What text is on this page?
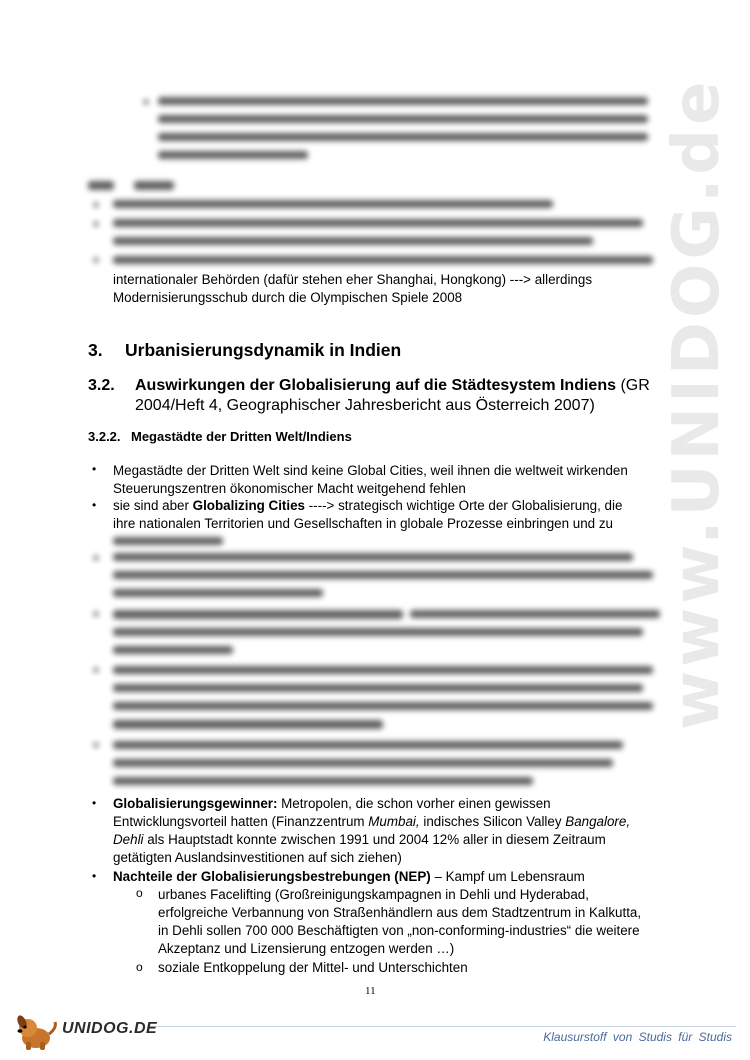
www.UNIDOG.de
internationaler Behörden (dafür stehen eher Shanghai, Hongkong) ---> allerdings
Modernisierungsschub durch die Olympischen Spiele 2008
3. Urbanisierungsdynamik in Indien
3.2. Auswirkungen der Globalisierung auf die Städtesystem Indiens (GR
2004/Heft 4, Geographischer Jahresbericht aus Österreich 2007)
3.2.2. Megastädte der Dritten Welt/Indiens
• Megastädte der Dritten Welt sind keine Global Cities, weil ihnen die weltweit wirkenden
Steuerungszentren ökonomischer Macht weitgehend fehlen
• sie sind aber Globalizing Cities ----> strategisch wichtige Orte der Globalisierung, die
ihre nationalen Territorien und Gesellschaften in globale Prozesse einbringen und zu
• Globalisierungsgewinner: Metropolen, die schon vorher einen gewissen
Entwicklungsvorteil hatten (Finanzzentrum Mumbai, indisches Silicon Valley Bangalore,
Dehli als Hauptstadt konnte zwischen 1991 und 2004 12% aller in diesem Zeitraum
getätigten Auslandsinvestitionen auf sich ziehen)
• Nachteile der Globalisierungsbestrebungen (NEP) – Kampf um Lebensraum
o urbanes Facelifting (Großreinigungskampagnen in Dehli und Hyderabad,
erfolgreiche Verbannung von Straßenhändlern aus dem Stadtzentrum in Kalkutta,
in Dehli sollen 700 000 Beschäftigten von „non-conforming-industries“ die weitere
Akzeptanz und Lizensierung entzogen werden …)
o soziale Entkoppelung der Mittel- und Unterschichten
11
UNIDOG.DE	Klausurstoff von Studis für Studis
